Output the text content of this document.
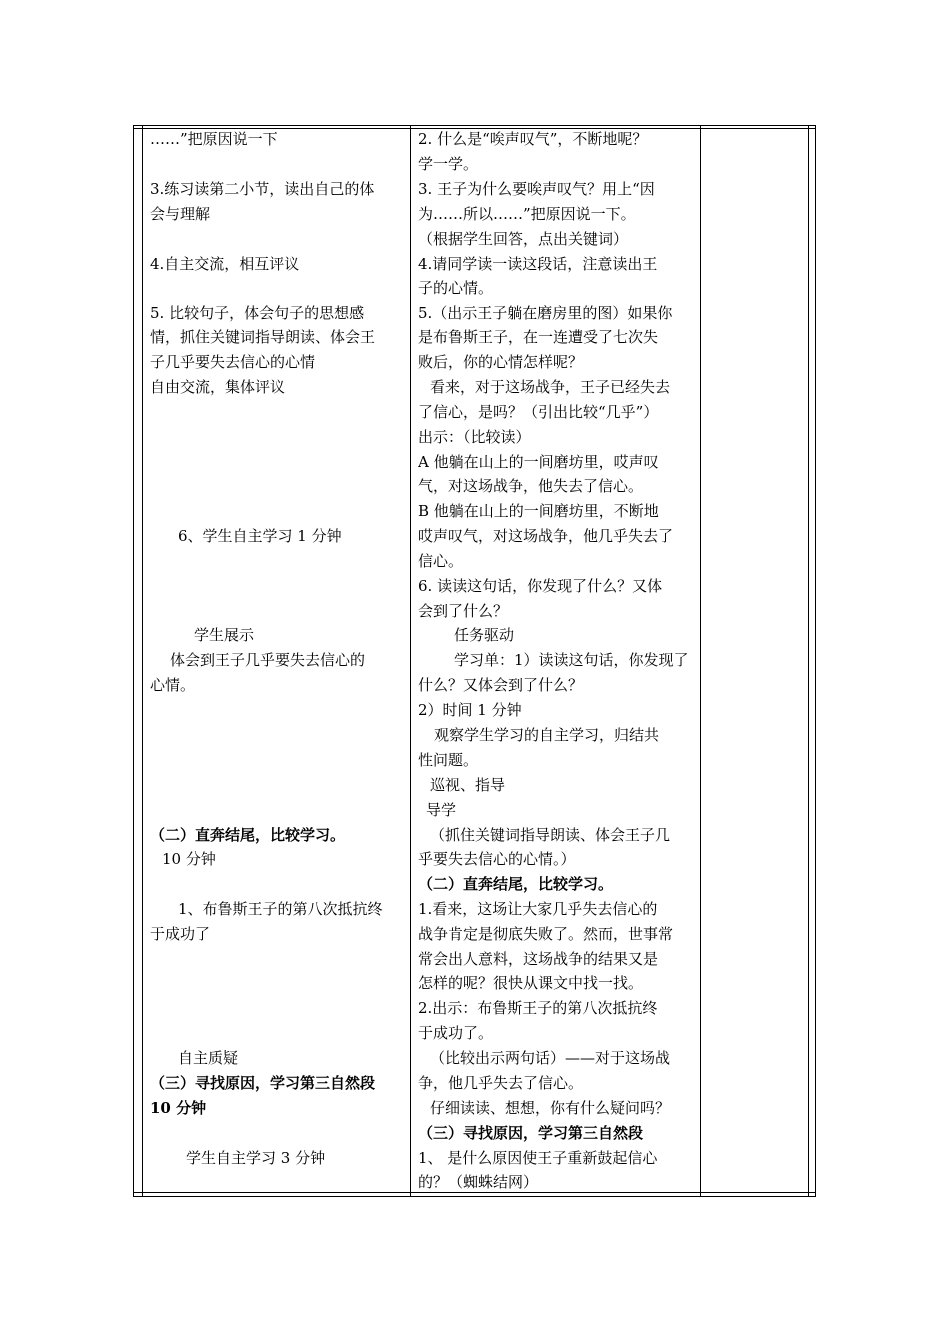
……”把原因说一下
3.练习读第二小节，读出自己的体
会与理解
4.自主交流，相互评议
5. 比较句子，体会句子的思想感
情，抓住关键词指导朗读、体会王
子几乎要失去信心的心情
自由交流，集体评议
6、学生自主学习 1 分钟
学生展示
体会到王子几乎要失去信心的
心情。
（二）直奔结尾，比较学习。
10 分钟
1、布鲁斯王子的第八次抵抗终
于成功了
自主质疑
（三）寻找原因，学习第三自然段
10 分钟
学生自主学习 3 分钟
2. 什么是“唉声叹气”，不断地呢？
学一学。
3. 王子为什么要唉声叹气？用上“因
为……所以……”把原因说一下。
（根据学生回答，点出关键词）
4.请同学读一读这段话，注意读出王
子的心情。
5.（出示王子躺在磨房里的图）如果你
是布鲁斯王子，在一连遭受了七次失
败后，你的心情怎样呢？
看来，对于这场战争，王子已经失去
了信心，是吗？（引出比较“几乎”）
出示：（比较读）
A 他躺在山上的一间磨坊里，哎声叹
气，对这场战争，他失去了信心。
B 他躺在山上的一间磨坊里，不断地
哎声叹气，对这场战争，他几乎失去了
信心。
6. 读读这句话，你发现了什么？又体
会到了什么？
任务驱动
学习单：1）读读这句话，你发现了
什么？又体会到了什么？
2）时间 1 分钟
观察学生学习的自主学习，归结共
性问题。
巡视、指导
导学
（抓住关键词指导朗读、体会王子几
乎要失去信心的心情。）
（二）直奔结尾，比较学习。
1.看来，这场让大家几乎失去信心的
战争肯定是彻底失败了。然而，世事常
常会出人意料，这场战争的结果又是
怎样的呢？很快从课文中找一找。
2.出示：布鲁斯王子的第八次抵抗终
于成功了。
（比较出示两句话）——对于这场战
争，他几乎失去了信心。
仔细读读、想想，你有什么疑问吗？
（三）寻找原因，学习第三自然段
1、 是什么原因使王子重新鼓起信心
的？（蜘蛛结网）
